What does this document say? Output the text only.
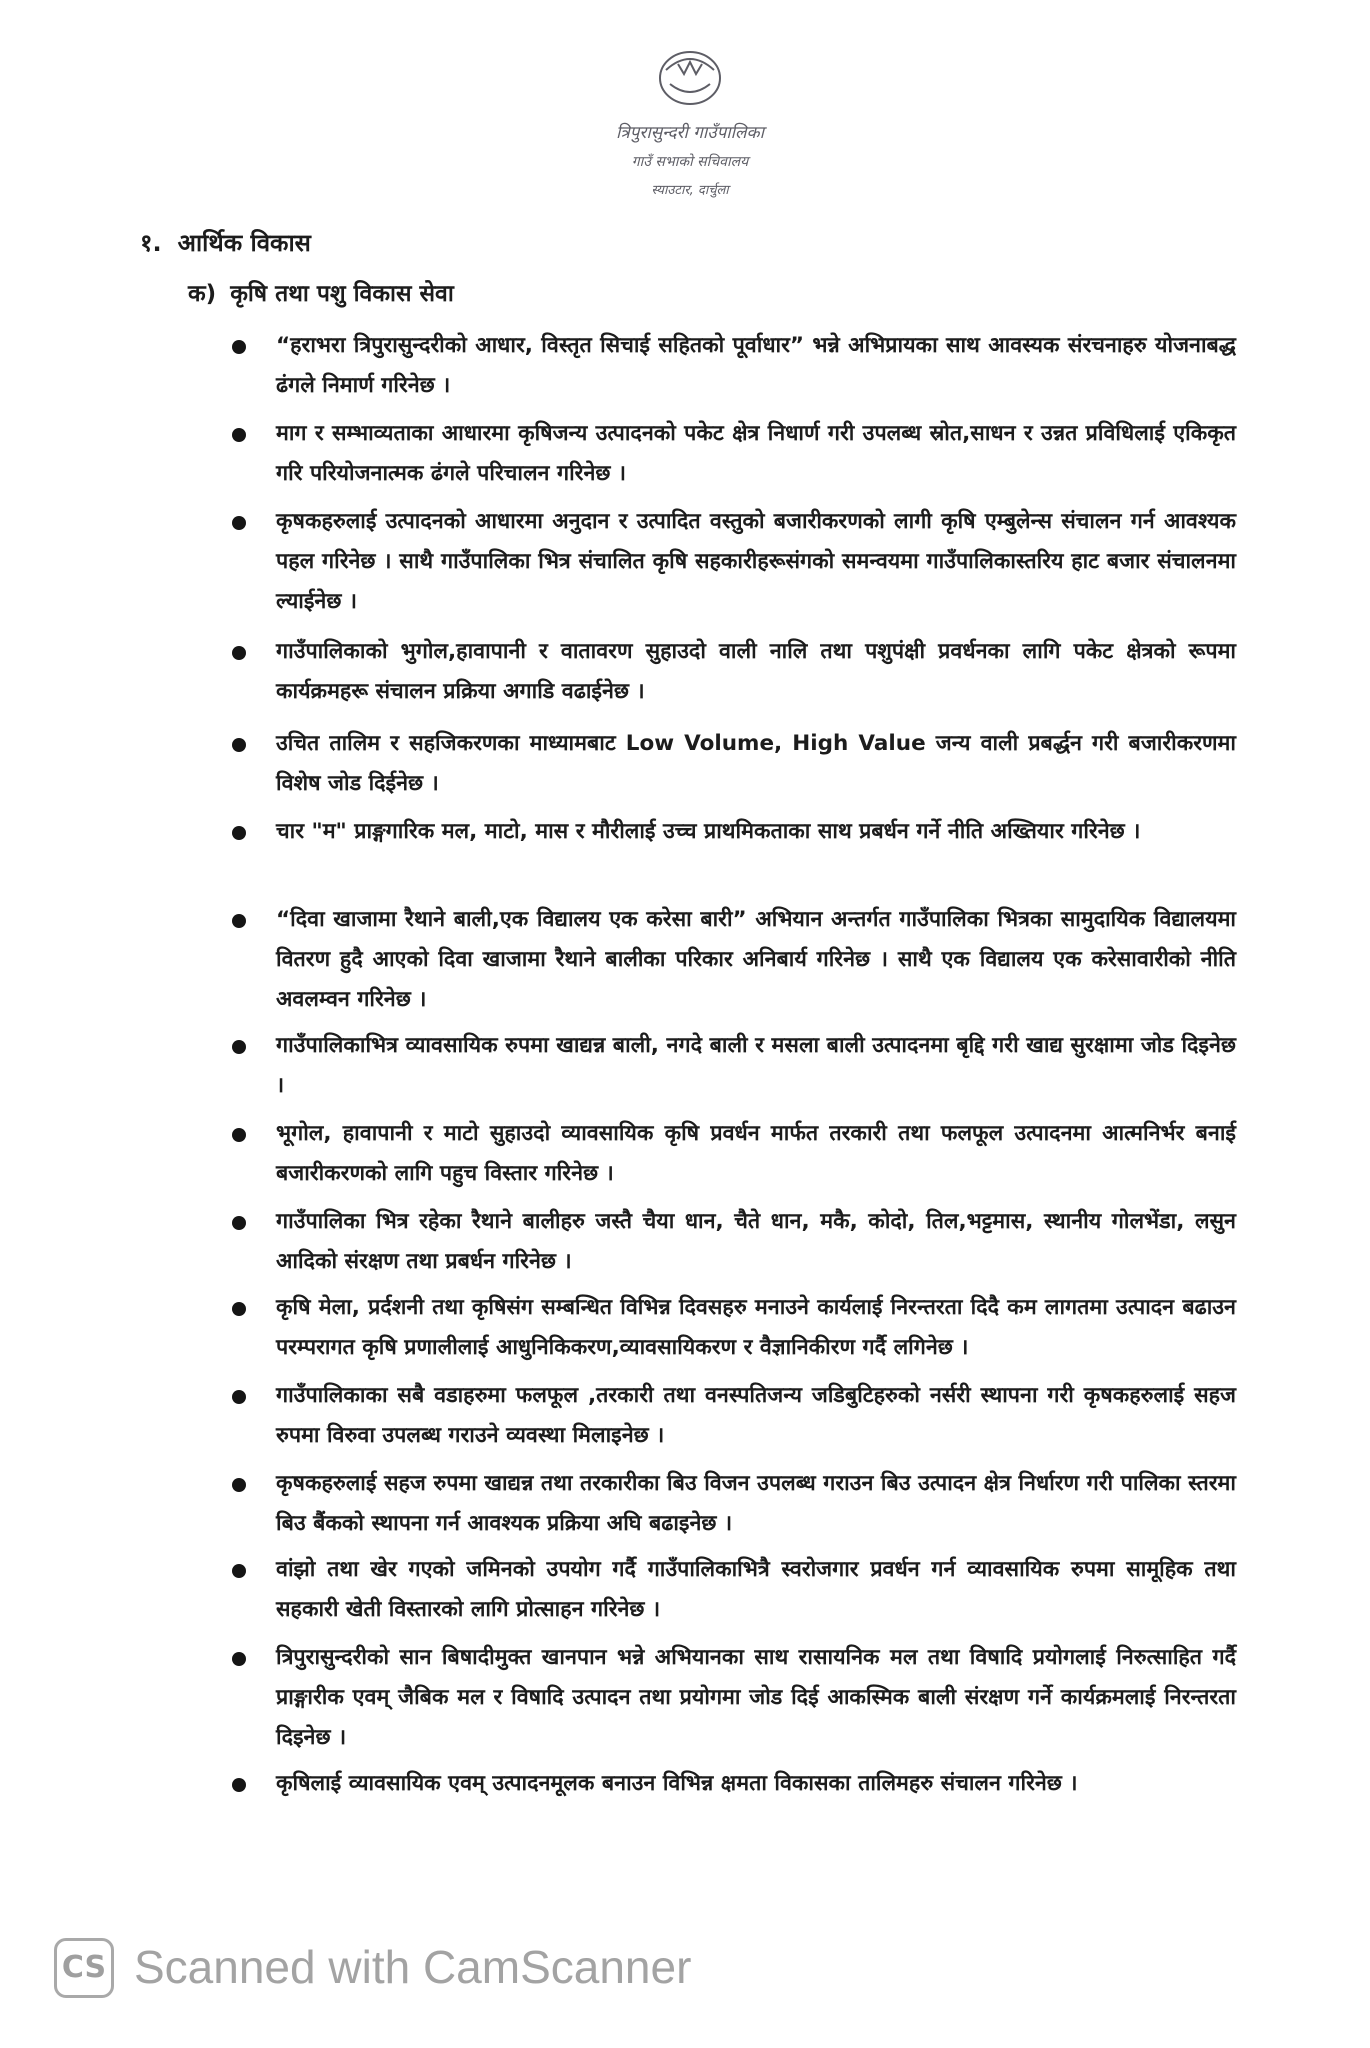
त्रिपुरासुन्दरी गाउँपालिका
गाउँ सभाको सचिवालय
स्याउटार, दार्चुला
१. आर्थिक विकास
क) कृषि तथा पशु विकास सेवा
“हराभरा त्रिपुरासुन्दरीको आधार, विस्तृत सिचाई सहितको पूर्वाधार” भन्ने अभिप्रायका साथ आवस्यक संरचनाहरु योजनाबद्ध ढंगले निमार्ण गरिनेछ ।
माग र सम्भाव्यताका आधारमा कृषिजन्य उत्पादनको पकेट क्षेत्र निधार्ण गरी उपलब्ध स्रोत,साधन र उन्नत प्रविधिलाई एकिकृत गरि परियोजनात्मक ढंगले परिचालन गरिनेछ ।
कृषकहरुलाई उत्पादनको आधारमा अनुदान र उत्पादित वस्तुको बजारीकरणको लागी कृषि एम्बुलेन्स संचालन गर्न आवश्यक पहल गरिनेछ । साथै गाउँपालिका भित्र संचालित कृषि सहकारीहरूसंगको समन्वयमा गाउँपालिकास्तरिय हाट बजार संचालनमा ल्याईनेछ ।
गाउँपालिकाको भुगोल,हावापानी र वातावरण सुहाउदो वाली नालि तथा पशुपंक्षी प्रवर्धनका लागि पकेट क्षेत्रको रूपमा कार्यक्रमहरू संचालन प्रक्रिया अगाडि वढाईनेछ ।
उचित तालिम र सहजिकरणका माध्यामबाट Low Volume, High Value जन्य वाली प्रबर्द्धन गरी बजारीकरणमा विशेष जोड दिईनेछ ।
चार "म" प्राङ्गगारिक मल, माटो, मास र मौरीलाई उच्च प्राथमिकताका साथ प्रबर्धन गर्ने नीति अख्तियार गरिनेछ ।
“दिवा खाजामा रैथाने बाली,एक विद्यालय एक करेसा बारी” अभियान अन्तर्गत गाउँपालिका भित्रका सामुदायिक विद्यालयमा वितरण हुदै आएको दिवा खाजामा रैथाने बालीका परिकार अनिबार्य गरिनेछ । साथै एक विद्यालय एक करेसावारीको नीति अवलम्वन गरिनेछ ।
गाउँपालिकाभित्र व्यावसायिक रुपमा खाद्यन्न बाली, नगदे बाली र मसला बाली उत्पादनमा बृद्दि गरी खाद्य सुरक्षामा जोड दिइनेछ ।
भूगोल, हावापानी र माटो सुहाउदो व्यावसायिक कृषि प्रवर्धन मार्फत तरकारी तथा फलफूल उत्पादनमा आत्मनिर्भर बनाई बजारीकरणको लागि पहुच विस्तार गरिनेछ ।
गाउँपालिका भित्र रहेका रैथाने बालीहरु जस्तै चैया धान, चैते धान, मकै, कोदो, तिल,भट्टमास, स्थानीय गोलभेंडा, लसुन आदिको संरक्षण तथा प्रबर्धन गरिनेछ ।
कृषि मेला, प्रर्दशनी तथा कृषिसंग सम्बन्धित विभिन्न दिवसहरु मनाउने कार्यलाई निरन्तरता दिदै कम लागतमा उत्पादन बढाउन परम्परागत कृषि प्रणालीलाई आधुनिकिकरण,व्यावसायिकरण र वैज्ञानिकीरण गर्दै लगिनेछ ।
गाउँपालिकाका सबै वडाहरुमा फलफूल ,तरकारी तथा वनस्पतिजन्य जडिबुटिहरुको नर्सरी स्थापना गरी कृषकहरुलाई सहज रुपमा विरुवा उपलब्ध गराउने व्यवस्था मिलाइनेछ ।
कृषकहरुलाई सहज रुपमा खाद्यन्न तथा तरकारीका बिउ विजन उपलब्ध गराउन बिउ उत्पादन क्षेत्र निर्धारण गरी पालिका स्तरमा बिउ बैंकको स्थापना गर्न आवश्यक प्रक्रिया अघि बढाइनेछ ।
वांझो तथा खेर गएको जमिनको उपयोग गर्दै गाउँपालिकाभित्रै स्वरोजगार प्रवर्धन गर्न व्यावसायिक रुपमा सामूहिक तथा सहकारी खेती विस्तारको लागि प्रोत्साहन गरिनेछ ।
त्रिपुरासुन्दरीको सान बिषादीमुक्त खानपान भन्ने अभियानका साथ रासायनिक मल तथा विषादि प्रयोगलाई निरुत्साहित गर्दै प्राङ्गारीक एवम् जैबिक मल र विषादि उत्पादन तथा प्रयोगमा जोड दिई आकस्मिक बाली संरक्षण गर्ने कार्यक्रमलाई निरन्तरता दिइनेछ ।
कृषिलाई व्यावसायिक एवम् उत्पादनमूलक बनाउन विभिन्न क्षमता विकासका तालिमहरु संचालन गरिनेछ ।
CS Scanned with CamScanner
